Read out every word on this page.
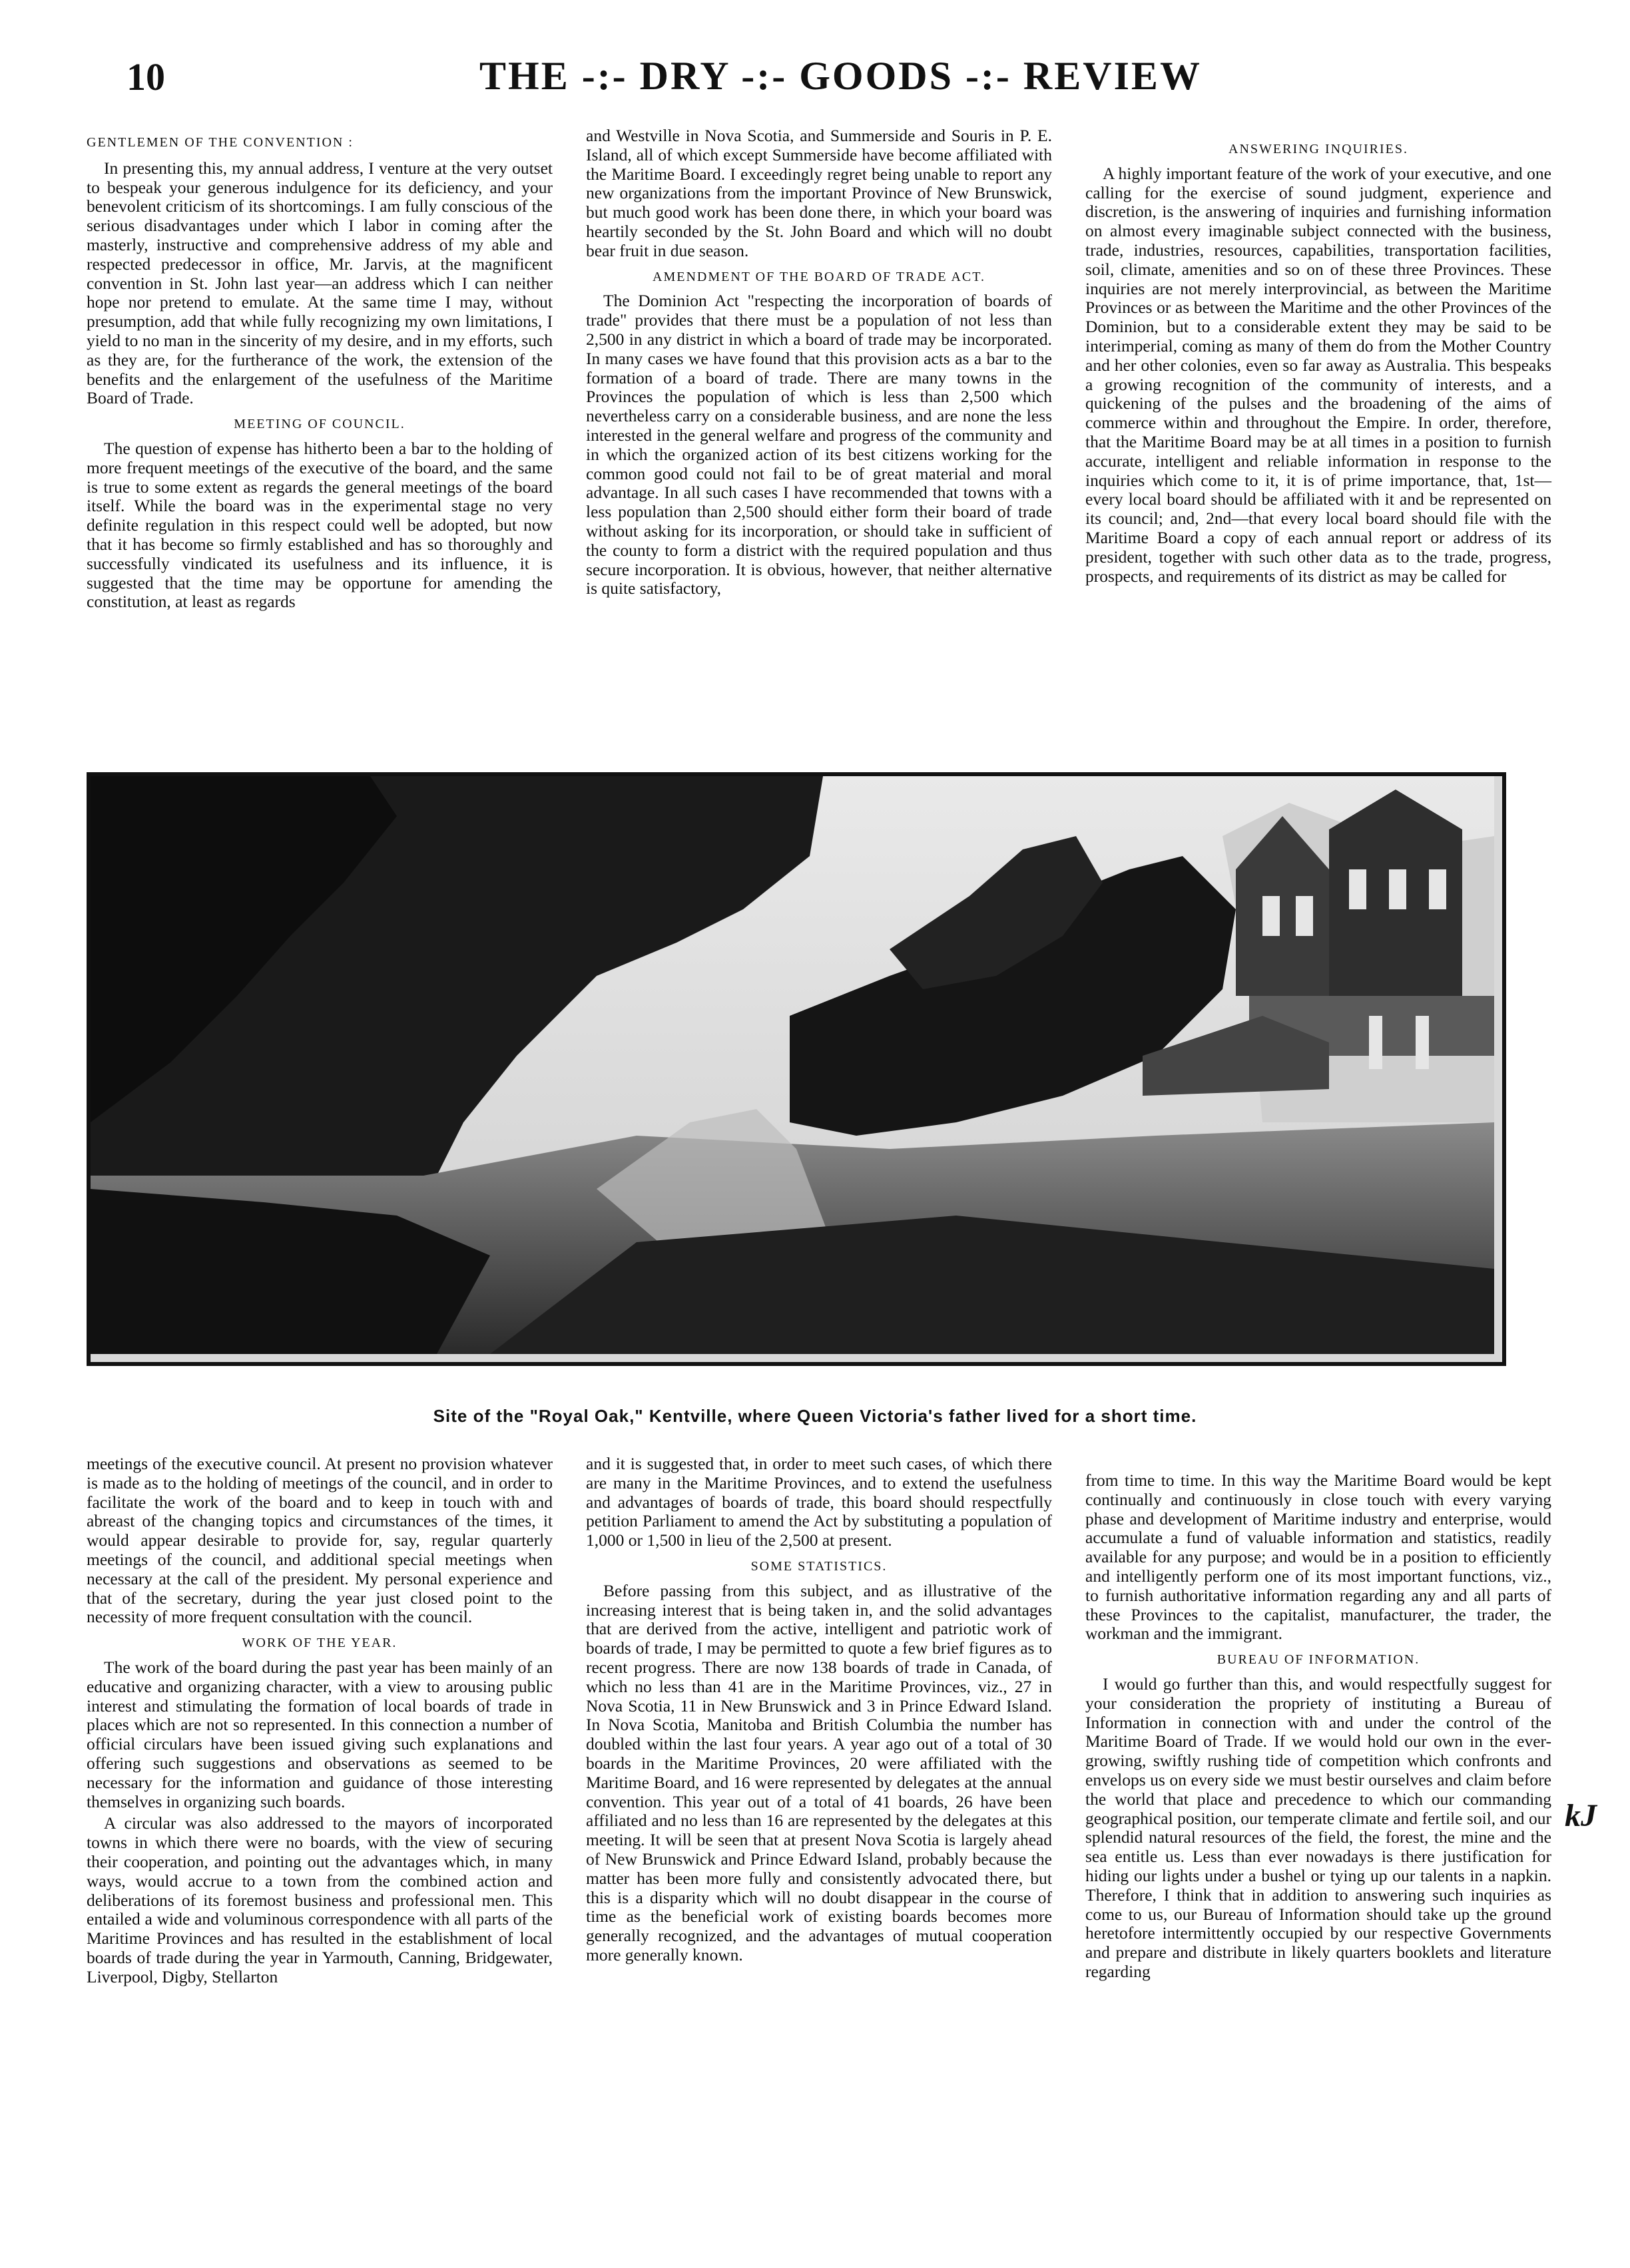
10	THE -:- DRY -:- GOODS -:- REVIEW

GENTLEMEN OF THE CONVENTION :

In presenting this, my annual address, I venture at the very outset to bespeak your generous indulgence for its deficiency, and your benevolent criticism of its shortcomings. I am fully conscious of the serious disadvantages under which I labor in coming after the masterly, instructive and comprehensive address of my able and respected predecessor in office, Mr. Jarvis, at the magnificent convention in St. John last year—an address which I can neither hope nor pretend to emulate. At the same time I may, without presumption, add that while fully recognizing my own limitations, I yield to no man in the sincerity of my desire, and in my efforts, such as they are, for the furtherance of the work, the extension of the benefits and the enlargement of the usefulness of the Maritime Board of Trade.

MEETING OF COUNCIL.

The question of expense has hitherto been a bar to the holding of more frequent meetings of the executive of the board, and the same is true to some extent as regards the general meetings of the board itself. While the board was in the experimental stage no very definite regulation in this respect could well be adopted, but now that it has become so firmly established and has so thoroughly and successfully vindicated its usefulness and its influence, it is suggested that the time may be opportune for amending the constitution, at least as regards

and Westville in Nova Scotia, and Summerside and Souris in P. E. Island, all of which except Summerside have become affiliated with the Maritime Board. I exceedingly regret being unable to report any new organizations from the important Province of New Brunswick, but much good work has been done there, in which your board was heartily seconded by the St. John Board and which will no doubt bear fruit in due season.

AMENDMENT OF THE BOARD OF TRADE ACT.

The Dominion Act "respecting the incorporation of boards of trade" provides that there must be a population of not less than 2,500 in any district in which a board of trade may be incorporated. In many cases we have found that this provision acts as a bar to the formation of a board of trade. There are many towns in the Provinces the population of which is less than 2,500 which nevertheless carry on a considerable business, and are none the less interested in the general welfare and progress of the community and in which the organized action of its best citizens working for the common good could not fail to be of great material and moral advantage. In all such cases I have recommended that towns with a less population than 2,500 should either form their board of trade without asking for its incorporation, or should take in sufficient of the county to form a district with the required population and thus secure incorporation. It is obvious, however, that neither alternative is quite satisfactory,

ANSWERING INQUIRIES.

A highly important feature of the work of your executive, and one calling for the exercise of sound judgment, experience and discretion, is the answering of inquiries and furnishing information on almost every imaginable subject connected with the business, trade, industries, resources, capabilities, transportation facilities, soil, climate, amenities and so on of these three Provinces. These inquiries are not merely interprovincial, as between the Maritime Provinces or as between the Maritime and the other Provinces of the Dominion, but to a considerable extent they may be said to be interimperial, coming as many of them do from the Mother Country and her other colonies, even so far away as Australia. This bespeaks a growing recognition of the community of interests, and a quickening of the pulses and the broadening of the aims of commerce within and throughout the Empire. In order, therefore, that the Maritime Board may be at all times in a position to furnish accurate, intelligent and reliable information in response to the inquiries which come to it, it is of prime importance, that, 1st—every local board should be affiliated with it and be represented on its council; and, 2nd—that every local board should file with the Maritime Board a copy of each annual report or address of its president, together with such other data as to the trade, progress, prospects, and requirements of its district as may be called for

Site of the "Royal Oak," Kentville, where Queen Victoria's father lived for a short time.

meetings of the executive council. At present no provision whatever is made as to the holding of meetings of the council, and in order to facilitate the work of the board and to keep in touch with and abreast of the changing topics and circumstances of the times, it would appear desirable to provide for, say, regular quarterly meetings of the council, and additional special meetings when necessary at the call of the president. My personal experience and that of the secretary, during the year just closed point to the necessity of more frequent consultation with the council.

WORK OF THE YEAR.

The work of the board during the past year has been mainly of an educative and organizing character, with a view to arousing public interest and stimulating the formation of local boards of trade in places which are not so represented. In this connection a number of official circulars have been issued giving such explanations and offering such suggestions and observations as seemed to be necessary for the information and guidance of those interesting themselves in organizing such boards.

A circular was also addressed to the mayors of incorporated towns in which there were no boards, with the view of securing their cooperation, and pointing out the advantages which, in many ways, would accrue to a town from the combined action and deliberations of its foremost business and professional men. This entailed a wide and voluminous correspondence with all parts of the Maritime Provinces and has resulted in the establishment of local boards of trade during the year in Yarmouth, Canning, Bridgewater, Liverpool, Digby, Stellarton

and it is suggested that, in order to meet such cases, of which there are many in the Maritime Provinces, and to extend the usefulness and advantages of boards of trade, this board should respectfully petition Parliament to amend the Act by substituting a population of 1,000 or 1,500 in lieu of the 2,500 at present.

SOME STATISTICS.

Before passing from this subject, and as illustrative of the increasing interest that is being taken in, and the solid advantages that are derived from the active, intelligent and patriotic work of boards of trade, I may be permitted to quote a few brief figures as to recent progress. There are now 138 boards of trade in Canada, of which no less than 41 are in the Maritime Provinces, viz., 27 in Nova Scotia, 11 in New Brunswick and 3 in Prince Edward Island. In Nova Scotia, Manitoba and British Columbia the number has doubled within the last four years. A year ago out of a total of 30 boards in the Maritime Provinces, 20 were affiliated with the Maritime Board, and 16 were represented by delegates at the annual convention. This year out of a total of 41 boards, 26 have been affiliated and no less than 16 are represented by the delegates at this meeting. It will be seen that at present Nova Scotia is largely ahead of New Brunswick and Prince Edward Island, probably because the matter has been more fully and consistently advocated there, but this is a disparity which will no doubt disappear in the course of time as the beneficial work of existing boards becomes more generally recognized, and the advantages of mutual cooperation more generally known.

from time to time. In this way the Maritime Board would be kept continually and continuously in close touch with every varying phase and development of Maritime industry and enterprise, would accumulate a fund of valuable information and statistics, readily available for any purpose; and would be in a position to efficiently and intelligently perform one of its most important functions, viz., to furnish authoritative information regarding any and all parts of these Provinces to the capitalist, manufacturer, the trader, the workman and the immigrant.

BUREAU OF INFORMATION.

I would go further than this, and would respectfully suggest for your consideration the propriety of instituting a Bureau of Information in connection with and under the control of the Maritime Board of Trade. If we would hold our own in the ever-growing, swiftly rushing tide of competition which confronts and envelops us on every side we must bestir ourselves and claim before the world that place and precedence to which our commanding geographical position, our temperate climate and fertile soil, and our splendid natural resources of the field, the forest, the mine and the sea entitle us. Less than ever nowadays is there justification for hiding our lights under a bushel or tying up our talents in a napkin. Therefore, I think that in addition to answering such inquiries as come to us, our Bureau of Information should take up the ground heretofore intermittently occupied by our respective Governments and prepare and distribute in likely quarters booklets and literature regarding

kJ
